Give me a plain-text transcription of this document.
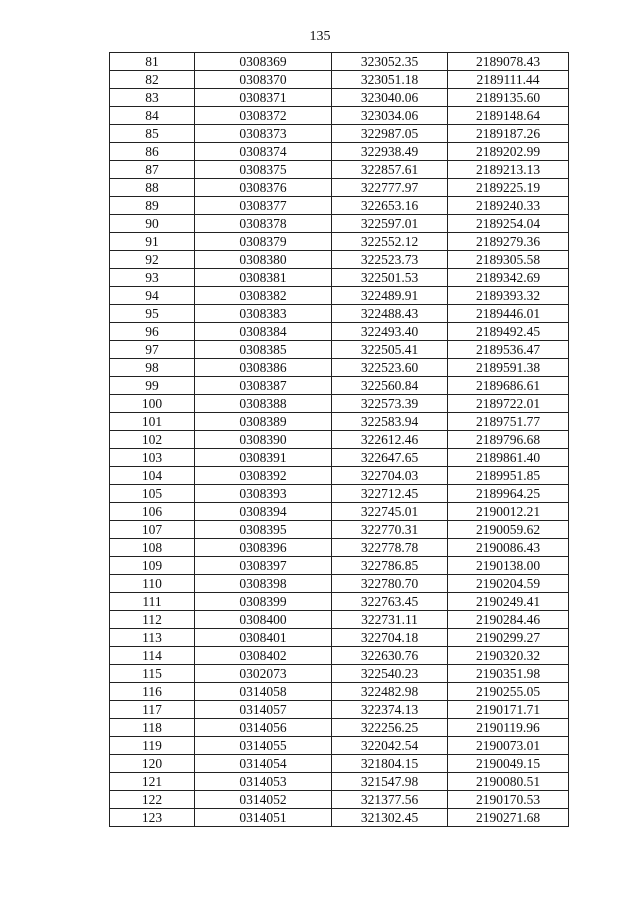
135
81	0308369	323052.35	2189078.43
82	0308370	323051.18	2189111.44
83	0308371	323040.06	2189135.60
84	0308372	323034.06	2189148.64
85	0308373	322987.05	2189187.26
86	0308374	322938.49	2189202.99
87	0308375	322857.61	2189213.13
88	0308376	322777.97	2189225.19
89	0308377	322653.16	2189240.33
90	0308378	322597.01	2189254.04
91	0308379	322552.12	2189279.36
92	0308380	322523.73	2189305.58
93	0308381	322501.53	2189342.69
94	0308382	322489.91	2189393.32
95	0308383	322488.43	2189446.01
96	0308384	322493.40	2189492.45
97	0308385	322505.41	2189536.47
98	0308386	322523.60	2189591.38
99	0308387	322560.84	2189686.61
100	0308388	322573.39	2189722.01
101	0308389	322583.94	2189751.77
102	0308390	322612.46	2189796.68
103	0308391	322647.65	2189861.40
104	0308392	322704.03	2189951.85
105	0308393	322712.45	2189964.25
106	0308394	322745.01	2190012.21
107	0308395	322770.31	2190059.62
108	0308396	322778.78	2190086.43
109	0308397	322786.85	2190138.00
110	0308398	322780.70	2190204.59
111	0308399	322763.45	2190249.41
112	0308400	322731.11	2190284.46
113	0308401	322704.18	2190299.27
114	0308402	322630.76	2190320.32
115	0302073	322540.23	2190351.98
116	0314058	322482.98	2190255.05
117	0314057	322374.13	2190171.71
118	0314056	322256.25	2190119.96
119	0314055	322042.54	2190073.01
120	0314054	321804.15	2190049.15
121	0314053	321547.98	2190080.51
122	0314052	321377.56	2190170.53
123	0314051	321302.45	2190271.68
